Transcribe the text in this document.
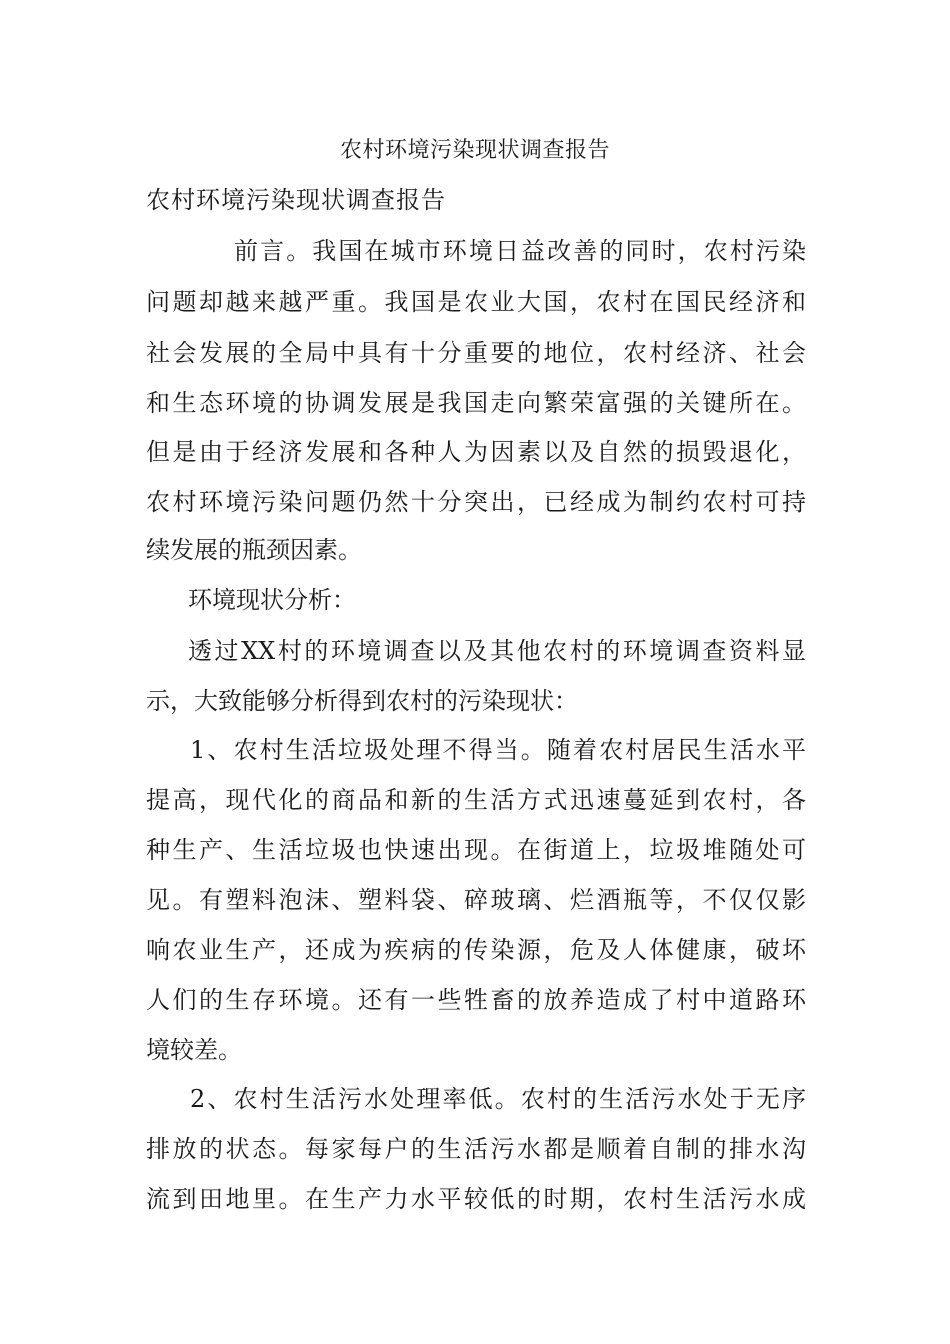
农村环境污染现状调查报告
农村环境污染现状调查报告
前言。我国在城市环境日益改善的同时，农村污染
问题却越来越严重。我国是农业大国，农村在国民经济和
社会发展的全局中具有十分重要的地位，农村经济、社会
和生态环境的协调发展是我国走向繁荣富强的关键所在。
但是由于经济发展和各种人为因素以及自然的损毁退化，
农村环境污染问题仍然十分突出，已经成为制约农村可持
续发展的瓶颈因素。
环境现状分析：
透过XX村的环境调查以及其他农村的环境调查资料显
示，大致能够分析得到农村的污染现状：
1、农村生活垃圾处理不得当。随着农村居民生活水平
提高，现代化的商品和新的生活方式迅速蔓延到农村，各
种生产、生活垃圾也快速出现。在街道上，垃圾堆随处可
见。有塑料泡沫、塑料袋、碎玻璃、烂酒瓶等，不仅仅影
响农业生产，还成为疾病的传染源，危及人体健康，破坏
人们的生存环境。还有一些牲畜的放养造成了村中道路环
境较差。
2、农村生活污水处理率低。农村的生活污水处于无序
排放的状态。每家每户的生活污水都是顺着自制的排水沟
流到田地里。在生产力水平较低的时期，农村生活污水成
